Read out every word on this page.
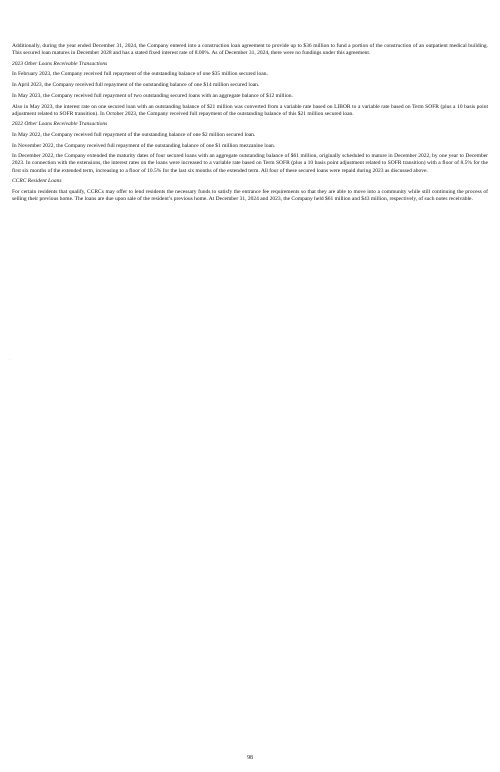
Additionally, during the year ended December 31, 2024, the Company entered into a construction loan agreement to provide up to $36 million to fund a portion of the construction of an outpatient medical building. This secured loan matures in December 2028 and has a stated fixed interest rate of 8.00%. As of December 31, 2024, there were no fundings under this agreement.

2023 Other Loans Receivable Transactions

In February 2023, the Company received full repayment of the outstanding balance of one $35 million secured loan.

In April 2023, the Company received full repayment of the outstanding balance of one $14 million secured loan.

In May 2023, the Company received full repayment of two outstanding secured loans with an aggregate balance of $12 million.

Also in May 2023, the interest rate on one secured loan with an outstanding balance of $21 million was converted from a variable rate based on LIBOR to a variable rate based on Term SOFR (plus a 10 basis point adjustment related to SOFR transition). In October 2023, the Company received full repayment of the outstanding balance of this $21 million secured loan.

2022 Other Loans Receivable Transactions

In May 2022, the Company received full repayment of the outstanding balance of one $2 million secured loan.

In November 2022, the Company received full repayment of the outstanding balance of one $1 million mezzanine loan.

In December 2022, the Company extended the maturity dates of four secured loans with an aggregate outstanding balance of $61 million, originally scheduled to mature in December 2022, by one year to December 2023. In connection with the extensions, the interest rates on the loans were increased to a variable rate based on Term SOFR (plus a 10 basis point adjustment related to SOFR transition) with a floor of 8.5% for the first six months of the extended term, increasing to a floor of 10.5% for the last six months of the extended term. All four of these secured loans were repaid during 2023 as discussed above.

CCRC Resident Loans

For certain residents that qualify, CCRCs may offer to lend residents the necessary funds to satisfy the entrance fee requirements so that they are able to move into a community while still continuing the process of selling their previous home. The loans are due upon sale of the resident’s previous home. At December 31, 2024 and 2023, the Company held $61 million and $43 million, respectively, of such notes receivable.

.
98
